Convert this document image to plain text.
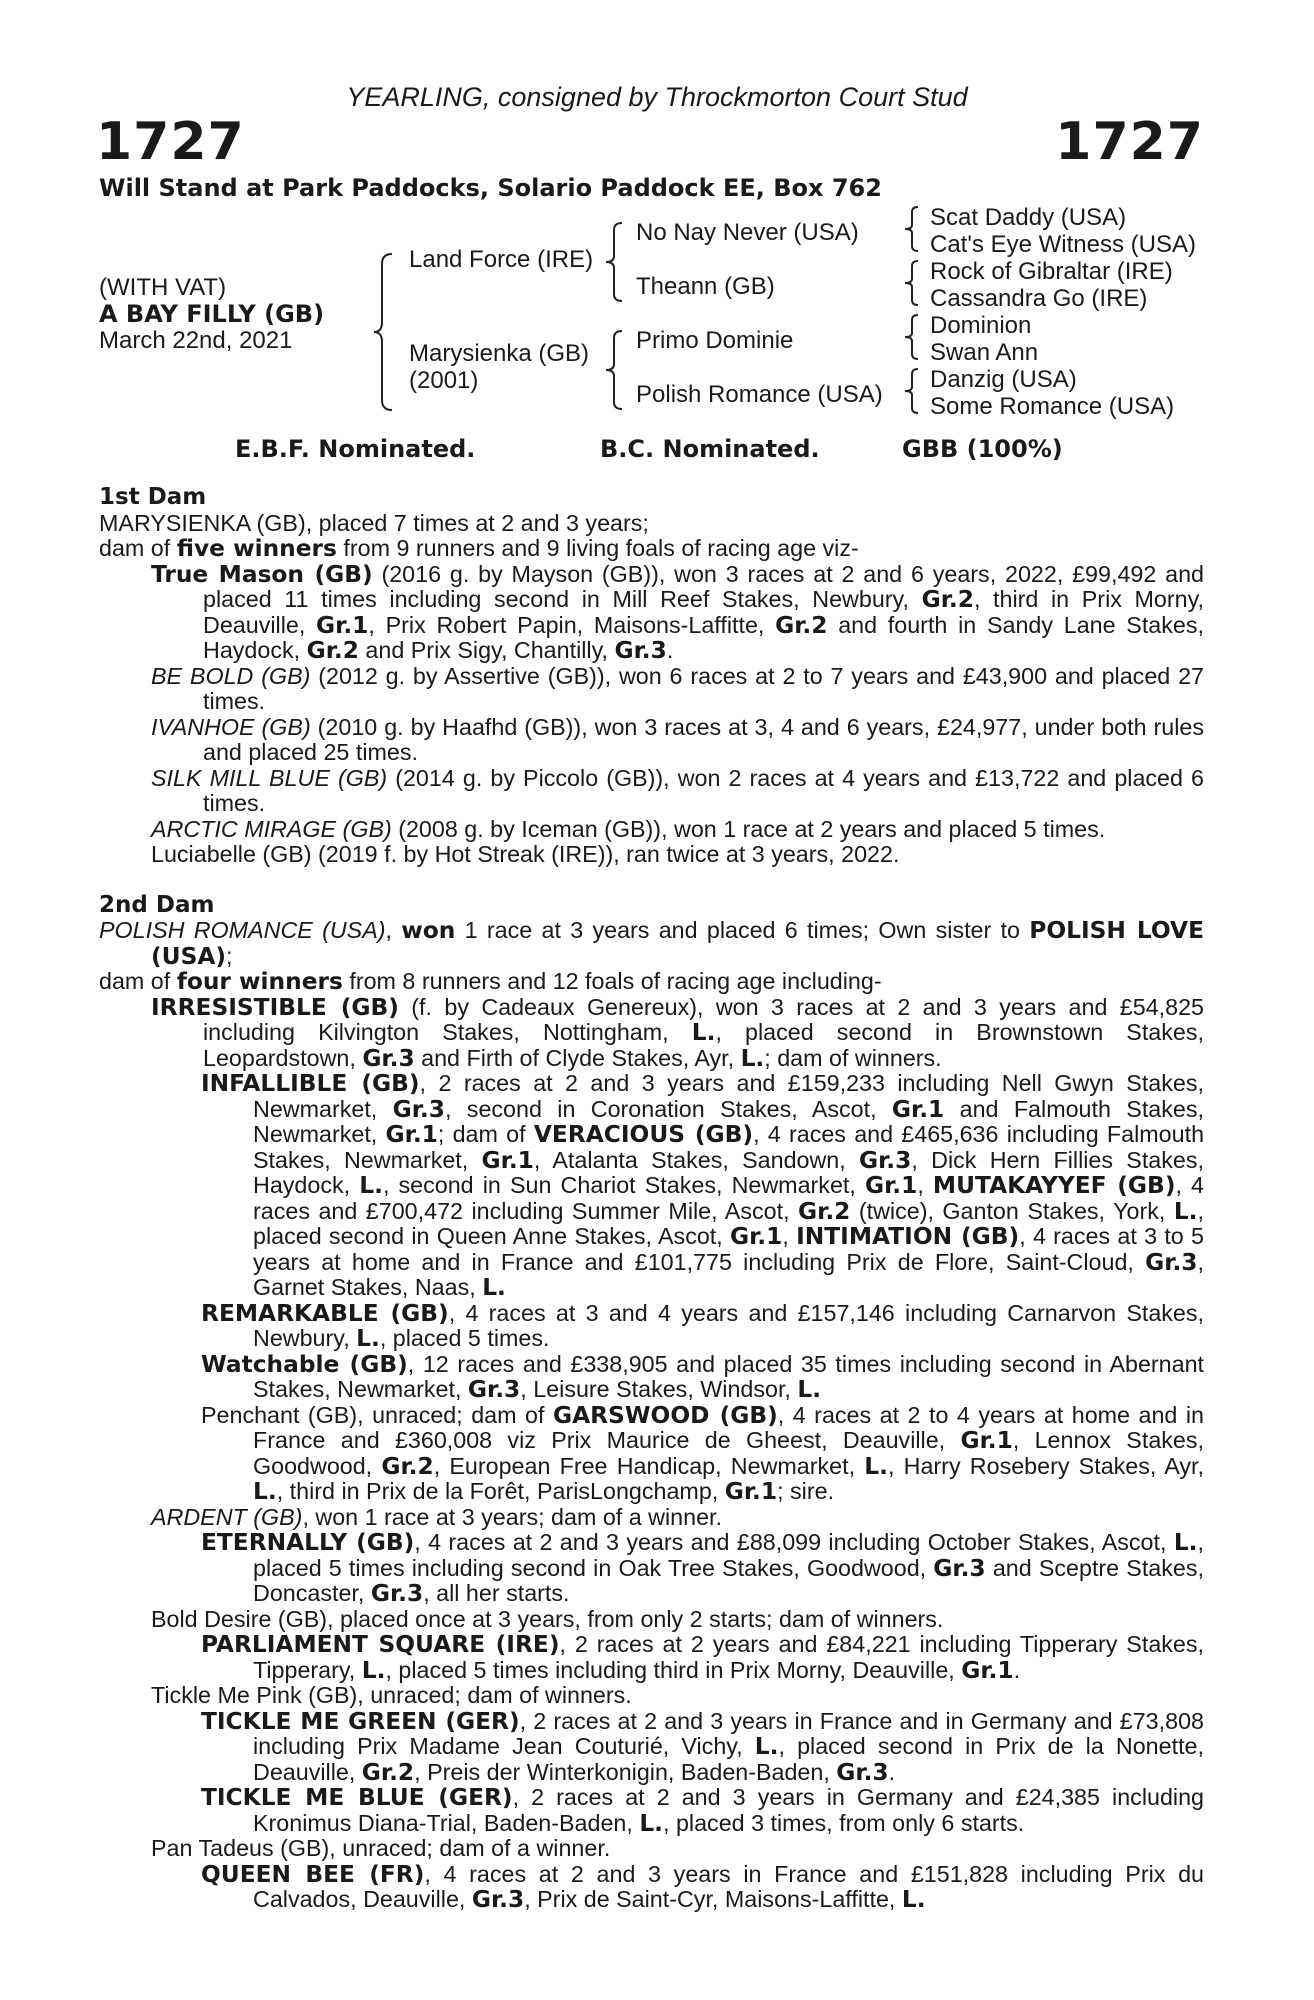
YEARLING, consigned by Throckmorton Court Stud
1727	1727
Will Stand at Park Paddocks, Solario Paddock EE, Box 762
(WITH VAT)
A BAY FILLY (GB)
March 22nd, 2021
Land Force (IRE)
Marysienka (GB)
(2001)
No Nay Never (USA)
Theann (GB)
Primo Dominie
Polish Romance (USA)
Scat Daddy (USA)
Cat's Eye Witness (USA)
Rock of Gibraltar (IRE)
Cassandra Go (IRE)
Dominion
Swan Ann
Danzig (USA)
Some Romance (USA)
E.B.F. Nominated.	B.C. Nominated.	GBB (100%)

1st Dam

MARYSIENKA (GB), placed 7 times at 2 and 3 years;

dam of five winners from 9 runners and 9 living foals of racing age viz-

True Mason (GB) (2016 g. by Mayson (GB)), won 3 races at 2 and 6 years, 2022, £99,492 and placed 11 times including second in Mill Reef Stakes, Newbury, Gr.2, third in Prix Morny, Deauville, Gr.1, Prix Robert Papin, Maisons-Laffitte, Gr.2 and fourth in Sandy Lane Stakes, Haydock, Gr.2 and Prix Sigy, Chantilly, Gr.3.

BE BOLD (GB) (2012 g. by Assertive (GB)), won 6 races at 2 to 7 years and £43,900 and placed 27 times.

IVANHOE (GB) (2010 g. by Haafhd (GB)), won 3 races at 3, 4 and 6 years, £24,977, under both rules and placed 25 times.

SILK MILL BLUE (GB) (2014 g. by Piccolo (GB)), won 2 races at 4 years and £13,722 and placed 6 times.

ARCTIC MIRAGE (GB) (2008 g. by Iceman (GB)), won 1 race at 2 years and placed 5 times.

Luciabelle (GB) (2019 f. by Hot Streak (IRE)), ran twice at 3 years, 2022.

2nd Dam

POLISH ROMANCE (USA), won 1 race at 3 years and placed 6 times; Own sister to POLISH LOVE (USA);

dam of four winners from 8 runners and 12 foals of racing age including-

IRRESISTIBLE (GB) (f. by Cadeaux Genereux), won 3 races at 2 and 3 years and £54,825 including Kilvington Stakes, Nottingham, L., placed second in Brownstown Stakes, Leopardstown, Gr.3 and Firth of Clyde Stakes, Ayr, L.; dam of winners.

INFALLIBLE (GB), 2 races at 2 and 3 years and £159,233 including Nell Gwyn Stakes, Newmarket, Gr.3, second in Coronation Stakes, Ascot, Gr.1 and Falmouth Stakes, Newmarket, Gr.1; dam of VERACIOUS (GB), 4 races and £465,636 including Falmouth Stakes, Newmarket, Gr.1, Atalanta Stakes, Sandown, Gr.3, Dick Hern Fillies Stakes, Haydock, L., second in Sun Chariot Stakes, Newmarket, Gr.1, MUTAKAYYEF (GB), 4 races and £700,472 including Summer Mile, Ascot, Gr.2 (twice), Ganton Stakes, York, L., placed second in Queen Anne Stakes, Ascot, Gr.1, INTIMATION (GB), 4 races at 3 to 5 years at home and in France and £101,775 including Prix de Flore, Saint-Cloud, Gr.3, Garnet Stakes, Naas, L.

REMARKABLE (GB), 4 races at 3 and 4 years and £157,146 including Carnarvon Stakes, Newbury, L., placed 5 times.

Watchable (GB), 12 races and £338,905 and placed 35 times including second in Abernant Stakes, Newmarket, Gr.3, Leisure Stakes, Windsor, L.

Penchant (GB), unraced; dam of GARSWOOD (GB), 4 races at 2 to 4 years at home and in France and £360,008 viz Prix Maurice de Gheest, Deauville, Gr.1, Lennox Stakes, Goodwood, Gr.2, European Free Handicap, Newmarket, L., Harry Rosebery Stakes, Ayr, L., third in Prix de la Forêt, ParisLongchamp, Gr.1; sire.

ARDENT (GB), won 1 race at 3 years; dam of a winner.

ETERNALLY (GB), 4 races at 2 and 3 years and £88,099 including October Stakes, Ascot, L., placed 5 times including second in Oak Tree Stakes, Goodwood, Gr.3 and Sceptre Stakes, Doncaster, Gr.3, all her starts.

Bold Desire (GB), placed once at 3 years, from only 2 starts; dam of winners.

PARLIAMENT SQUARE (IRE), 2 races at 2 years and £84,221 including Tipperary Stakes, Tipperary, L., placed 5 times including third in Prix Morny, Deauville, Gr.1.

Tickle Me Pink (GB), unraced; dam of winners.

TICKLE ME GREEN (GER), 2 races at 2 and 3 years in France and in Germany and £73,808 including Prix Madame Jean Couturié, Vichy, L., placed second in Prix de la Nonette, Deauville, Gr.2, Preis der Winterkonigin, Baden-Baden, Gr.3.

TICKLE ME BLUE (GER), 2 races at 2 and 3 years in Germany and £24,385 including Kronimus Diana-Trial, Baden-Baden, L., placed 3 times, from only 6 starts.

Pan Tadeus (GB), unraced; dam of a winner.

QUEEN BEE (FR), 4 races at 2 and 3 years in France and £151,828 including Prix du Calvados, Deauville, Gr.3, Prix de Saint-Cyr, Maisons-Laffitte, L.
